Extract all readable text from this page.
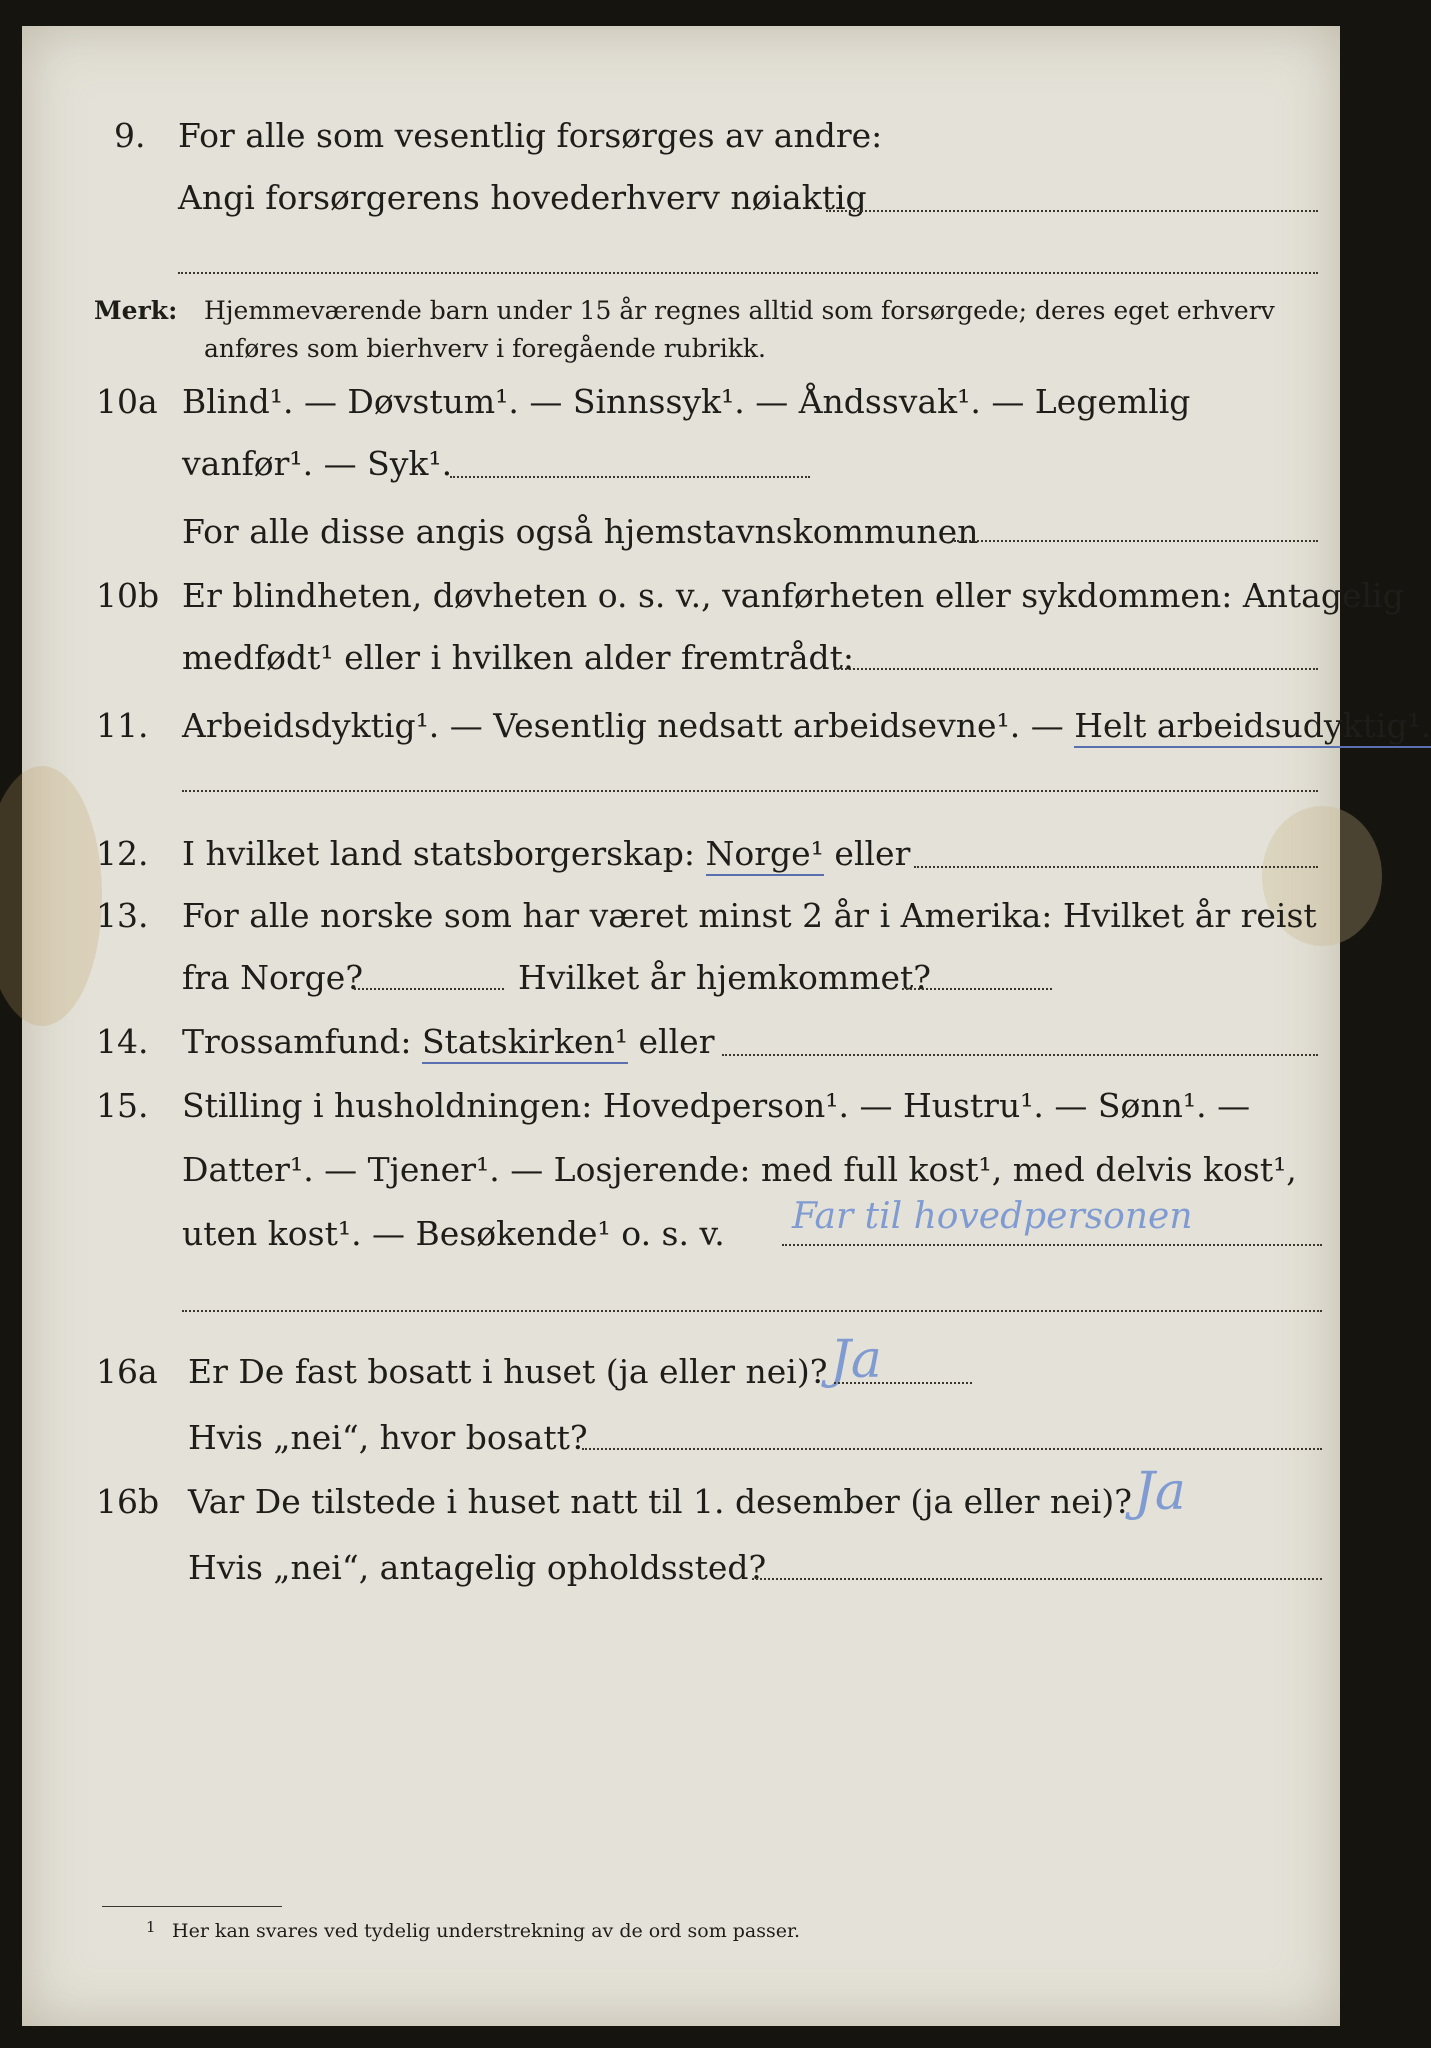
9. For alle som vesentlig forsørges av andre:
Angi forsørgerens hovederhverv nøiaktig
Merk: Hjemmeværende barn under 15 år regnes alltid som forsørgede; deres eget erhverv
anføres som bierhverv i foregående rubrikk.
10a Blind¹. — Døvstum¹. — Sinnssyk¹. — Åndssvak¹. — Legemlig
vanfør¹. — Syk¹.
For alle disse angis også hjemstavnskommunen
10b Er blindheten, døvheten o. s. v., vanførheten eller sykdommen: Antagelig
medfødt¹ eller i hvilken alder fremtrådt:
11. Arbeidsdyktig¹. — Vesentlig nedsatt arbeidsevne¹. — Helt arbeidsudyktig¹.
12. I hvilket land statsborgerskap: Norge¹ eller
13. For alle norske som har været minst 2 år i Amerika: Hvilket år reist
fra Norge?	Hvilket år hjemkommet?
14. Trossamfund: Statskirken¹ eller
15. Stilling i husholdningen: Hovedperson¹. — Hustru¹. — Sønn¹. —
Datter¹. — Tjener¹. — Losjerende: med full kost¹, med delvis kost¹,
uten kost¹. — Besøkende¹ o. s. v. Far til hovedpersonen
16a Er De fast bosatt i huset (ja eller nei)? Ja
Hvis „nei“, hvor bosatt?
16b Var De tilstede i huset natt til 1. desember (ja eller nei)? Ja
Hvis „nei“, antagelig opholdssted?
1 Her kan svares ved tydelig understrekning av de ord som passer.
